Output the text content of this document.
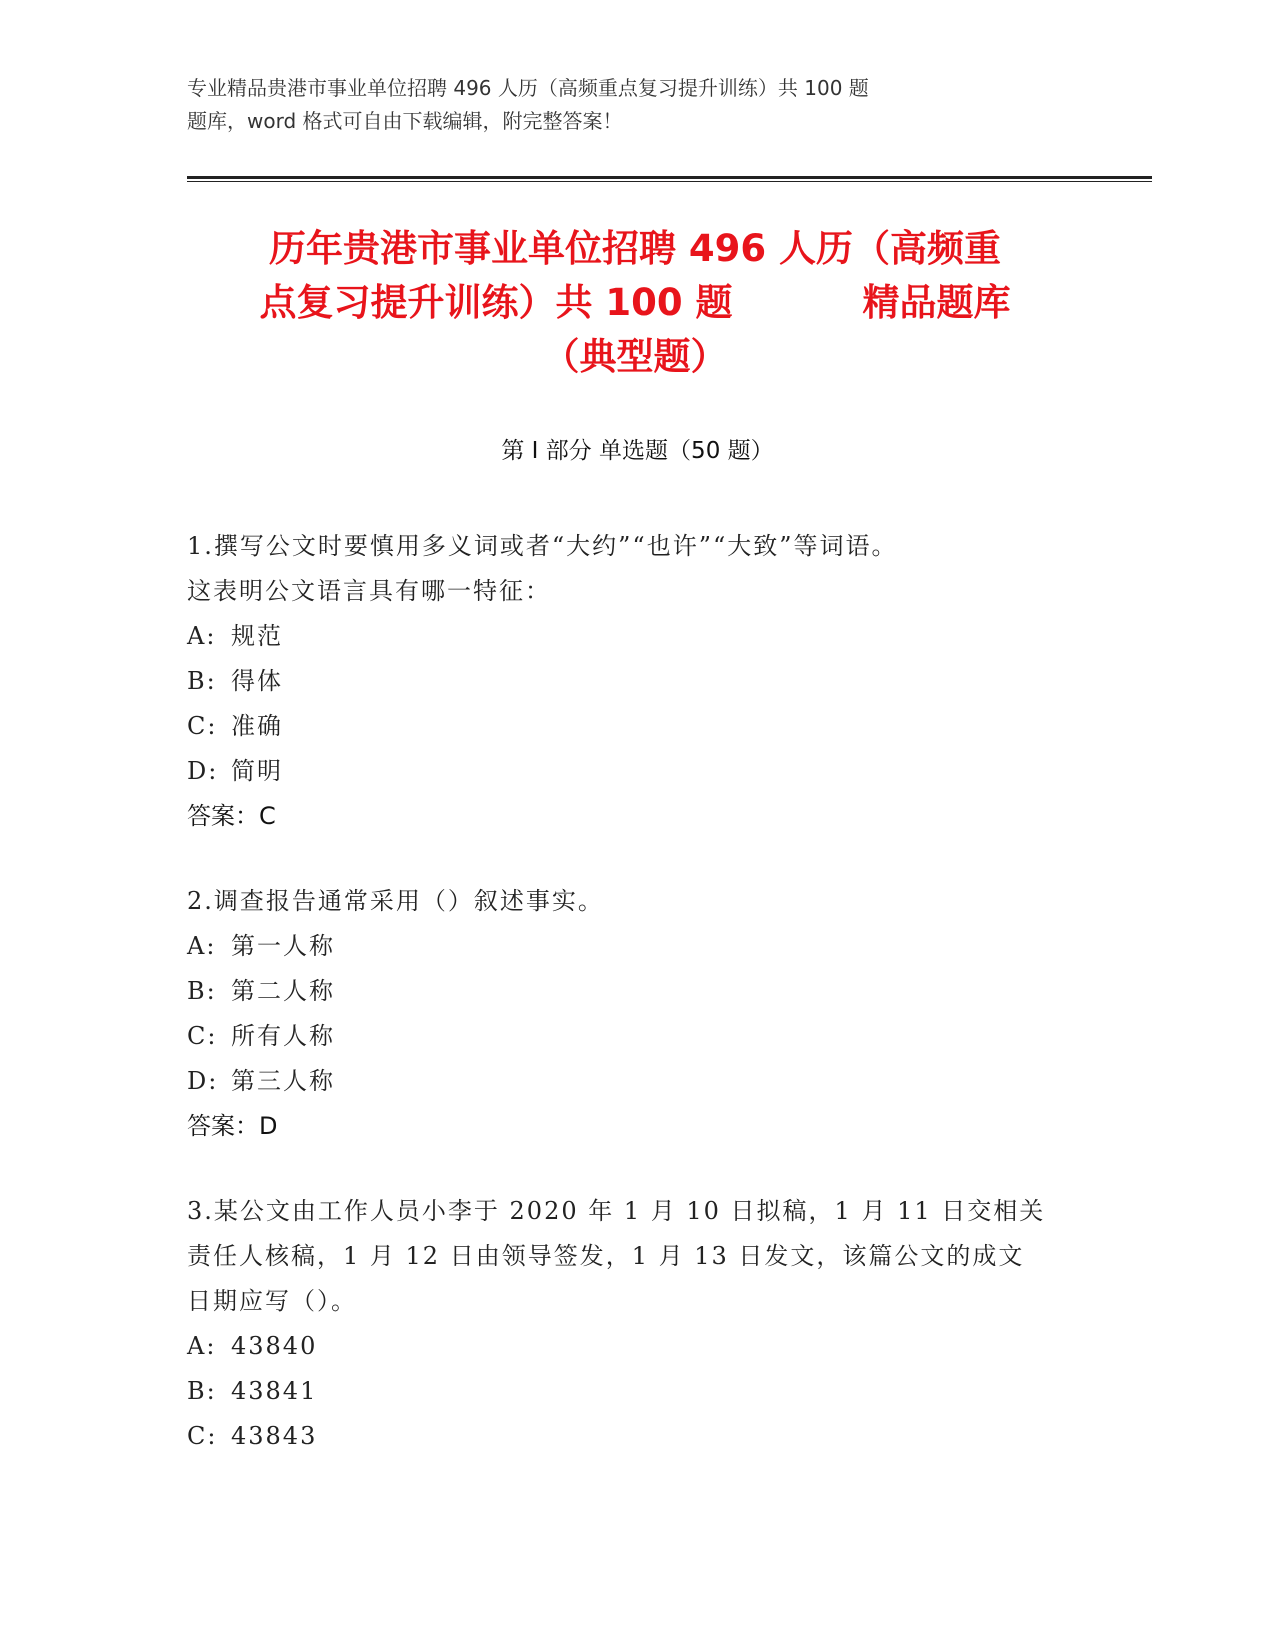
专业精品贵港市事业单位招聘 496 人历（高频重点复习提升训练）共 100 题
题库，word 格式可自由下载编辑，附完整答案！
历年贵港市事业单位招聘 496 人历（高频重
点复习提升训练）共 100 题	精品题库
（典型题）
第 I 部分 单选题（50 题）
1.撰写公文时要慎用多义词或者“大约”“也许”“大致”等词语。
这表明公文语言具有哪一特征：
A: 规范
B: 得体
C: 准确
D: 简明
答案：C
2.调查报告通常采用（）叙述事实。
A: 第一人称
B: 第二人称
C: 所有人称
D: 第三人称
答案：D
3.某公文由工作人员小李于 2020 年 1 月 10 日拟稿，1 月 11 日交相关
责任人核稿，1 月 12 日由领导签发，1 月 13 日发文，该篇公文的成文
日期应写（）。
A: 43840
B: 43841
C: 43843
